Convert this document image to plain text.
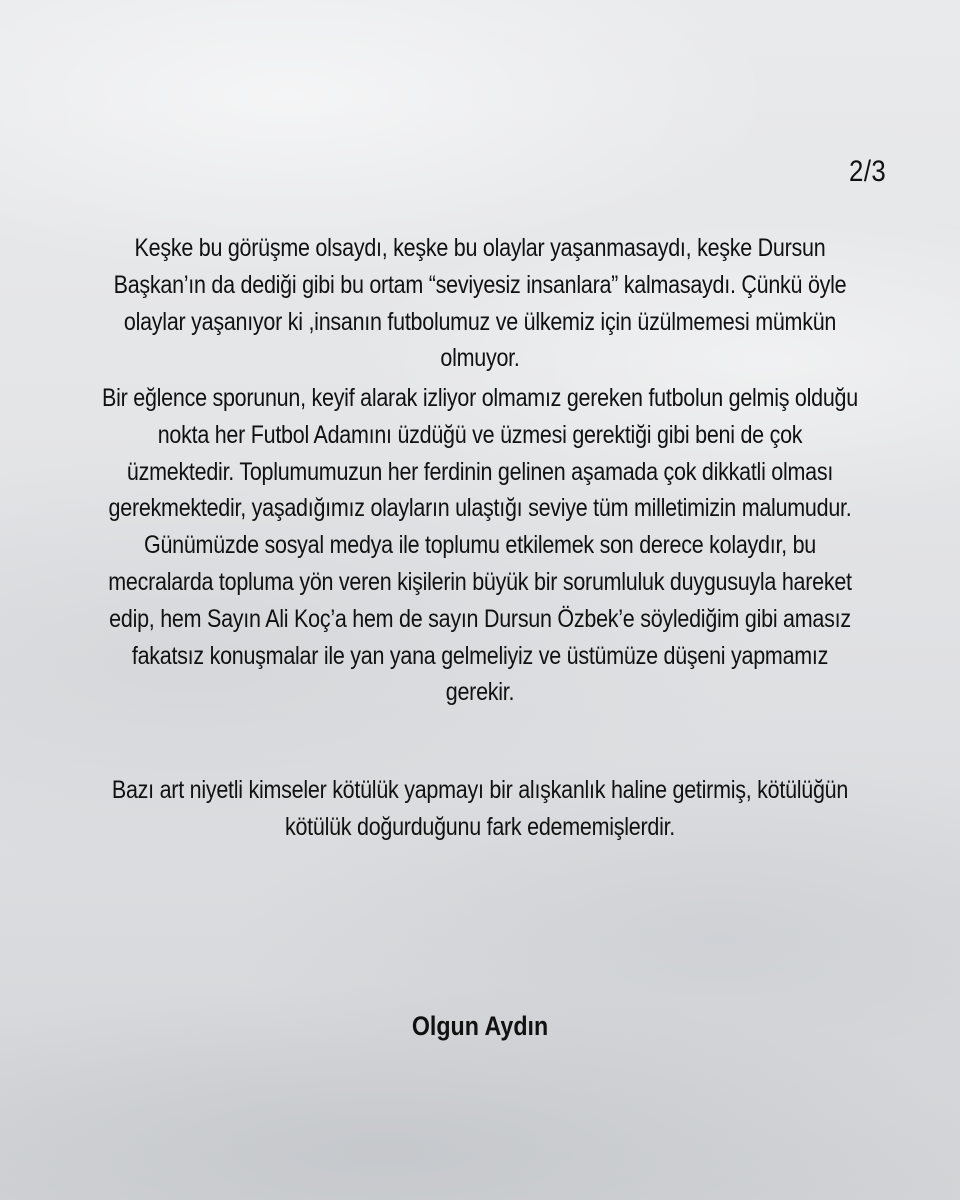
2/3

Keşke bu görüşme olsaydı, keşke bu olaylar yaşanmasaydı, keşke Dursun Başkan’ın da dediği gibi bu ortam “seviyesiz insanlara” kalmasaydı. Çünkü öyle olaylar yaşanıyor ki ,insanın futbolumuz ve ülkemiz için üzülmemesi mümkün olmuyor.

Bir eğlence sporunun, keyif alarak izliyor olmamız gereken futbolun gelmiş olduğu nokta her Futbol Adamını üzdüğü ve üzmesi gerektiği gibi beni de çok üzmektedir. Toplumumuzun her ferdinin gelinen aşamada çok dikkatli olması gerekmektedir, yaşadığımız olayların ulaştığı seviye tüm milletimizin malumudur. Günümüzde sosyal medya ile toplumu etkilemek son derece kolaydır, bu mecralarda topluma yön veren kişilerin büyük bir sorumluluk duygusuyla hareket edip, hem Sayın Ali Koç’a hem de sayın Dursun Özbek’e söylediğim gibi amasız fakatsız konuşmalar ile yan yana gelmeliyiz ve üstümüze düşeni yapmamız gerekir.

Bazı art niyetli kimseler kötülük yapmayı bir alışkanlık haline getirmiş, kötülüğün kötülük doğurduğunu fark edememişlerdir.

Olgun Aydın
